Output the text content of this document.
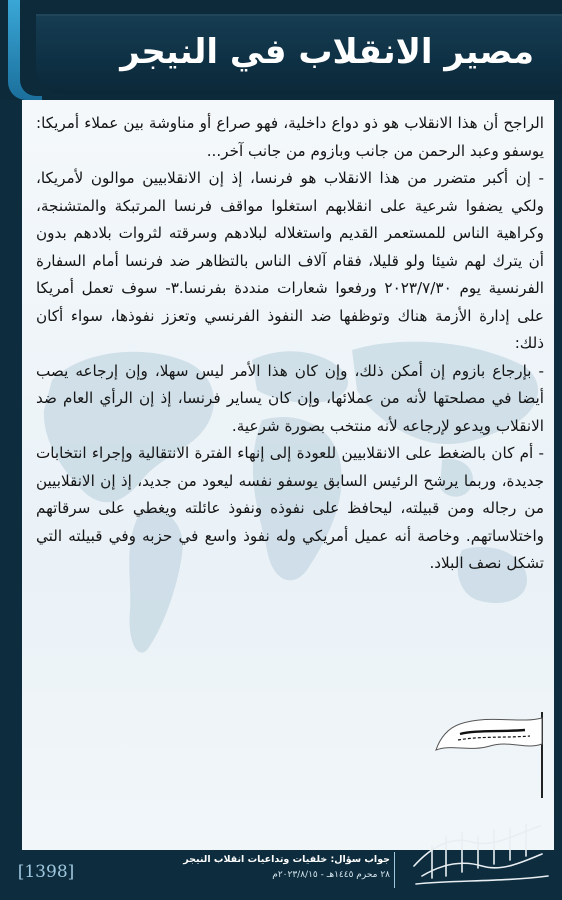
مصير الانقلاب في النيجر

الراجح أن هذا الانقلاب هو ذو دواع داخلية، فهو صراع أو مناوشة بين عملاء أمريكا: يوسفو وعبد الرحمن من جانب وبازوم من جانب آخر...

- إن أكبر متضرر من هذا الانقلاب هو فرنسا، إذ إن الانقلابيين موالون لأمريكا، ولكي يضفوا شرعية على انقلابهم استغلوا مواقف فرنسا المرتبكة والمتشنجة، وكراهية الناس للمستعمر القديم واستغلاله لبلادهم وسرقته لثروات بلادهم بدون أن يترك لهم شيئا ولو قليلا، فقام آلاف الناس بالتظاهر ضد فرنسا أمام السفارة الفرنسية يوم ٢٠٢٣/٧/٣٠ ورفعوا شعارات منددة بفرنسا.٣- سوف تعمل أمريكا على إدارة الأزمة هناك وتوظفها ضد النفوذ الفرنسي وتعزز نفوذها، سواء أكان ذلك:

- بإرجاع بازوم إن أمكن ذلك، وإن كان هذا الأمر ليس سهلا، وإن إرجاعه يصب أيضا في مصلحتها لأنه من عملائها، وإن كان يساير فرنسا، إذ إن الرأي العام ضد الانقلاب ويدعو لإرجاعه لأنه منتخب بصورة شرعية.

- أم كان بالضغط على الانقلابيين للعودة إلى إنهاء الفترة الانتقالية وإجراء انتخابات جديدة، وربما يرشح الرئيس السابق يوسفو نفسه ليعود من جديد، إذ إن الانقلابيين من رجاله ومن قبيلته، ليحافظ على نفوذه ونفوذ عائلته ويغطي على سرقاتهم واختلاساتهم. وخاصة أنه عميل أمريكي وله نفوذ واسع في حزبه وفي قبيلته التي تشكل نصف البلاد.

[1398]
جواب سؤال: خلفيات وتداعيات انقلاب النيجر
٢٨ محرم ١٤٤٥هـ - ٢٠٢٣/٨/١٥م
